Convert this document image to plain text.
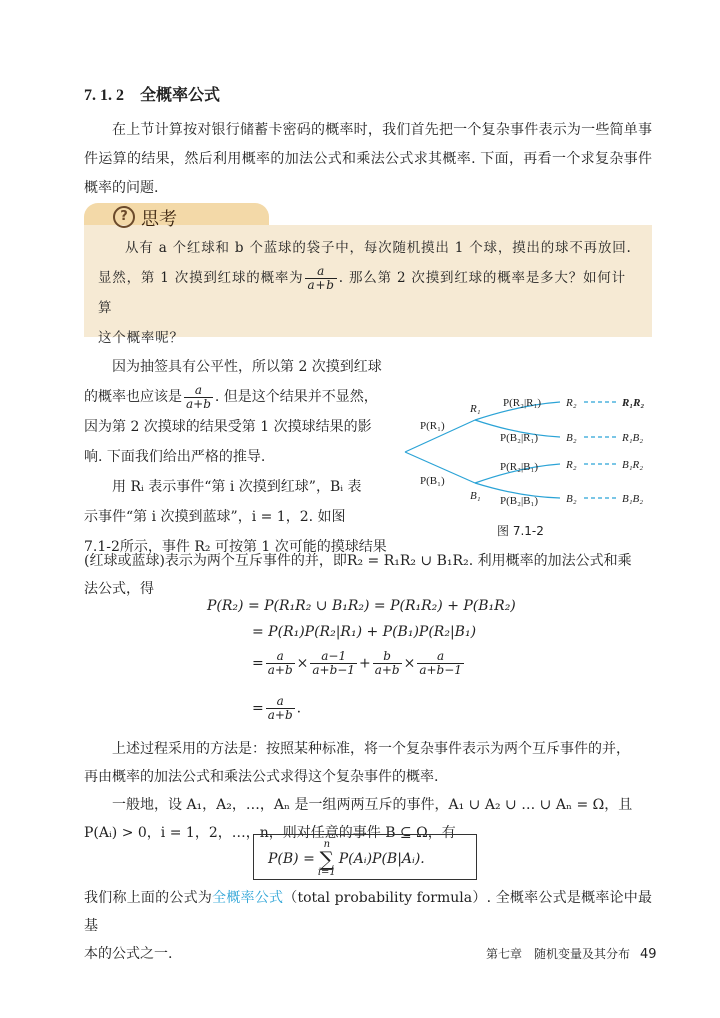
7. 1. 2 全概率公式
在上节计算按对银行储蓄卡密码的概率时，我们首先把一个复杂事件表示为一些简单事件运算的结果，然后利用概率的加法公式和乘法公式求其概率. 下面，再看一个求复杂事件概率的问题.
从有 a 个红球和 b 个蓝球的袋子中，每次随机摸出 1 个球，摸出的球不再放回.
显然，第 1 次摸到红球的概率为 $\frac{a}{a+b}$ . 那么第 2 次摸到红球的概率是多大？如何计算
这个概率呢？
? 思考
因为抽签具有公平性，所以第 2 次摸到红球
的概率也应该是 $\frac{a}{a+b}$ . 但是这个结果并不显然，
因为第 2 次摸球的结果受第 1 次摸球结果的影
响. 下面我们给出严格的推导.
用 Rᵢ 表示事件“第 i 次摸到红球”，Bᵢ 表
示事件“第 i 次摸到蓝球”，i = 1，2. 如图
7.1-2所示，事件 R₂ 可按第 1 次可能的摸球结果
(红球或蓝球)表示为两个互斥事件的并，即R₂ = R₁R₂ ∪ B₁R₂. 利用概率的加法公式和乘
法公式，得
P(R₁)
P(B₁)
R₁
B₁
P(R₂|R₁)
P(B₂|R₁)
P(R₂|B₁)
P(B₂|B₁)
R₂
B₂
R₂
B₂
R₁R₂
R₁B₂
B₁R₂
B₁B₂
图 7.1-2
P(R₂) = P(R₁R₂ ∪ B₁R₂) = P(R₁R₂) + P(B₁R₂)
= P(R₁)P(R₂|R₁) + P(B₁)P(R₂|B₁)
= $\frac{a}{a+b} \times \frac{a-1}{a+b-1} + \frac{b}{a+b} \times \frac{a}{a+b-1}$
= $\frac{a}{a+b}$ .
上述过程采用的方法是：按照某种标准，将一个复杂事件表示为两个互斥事件的并，
再由概率的加法公式和乘法公式求得这个复杂事件的概率.
一般地，设 A₁，A₂，…，Aₙ 是一组两两互斥的事件，A₁ ∪ A₂ ∪ … ∪ Aₙ = Ω，且
P(Aᵢ) > 0，i = 1，2，…，n，则对任意的事件 B ⊆ Ω，有
P(B) =n
∑
i=1P(Aᵢ)P(B|Aᵢ).
我们称上面的公式为全概率公式（total probability formula）. 全概率公式是概率论中最基
本的公式之一.	第七章　随机变量及其分布 49
